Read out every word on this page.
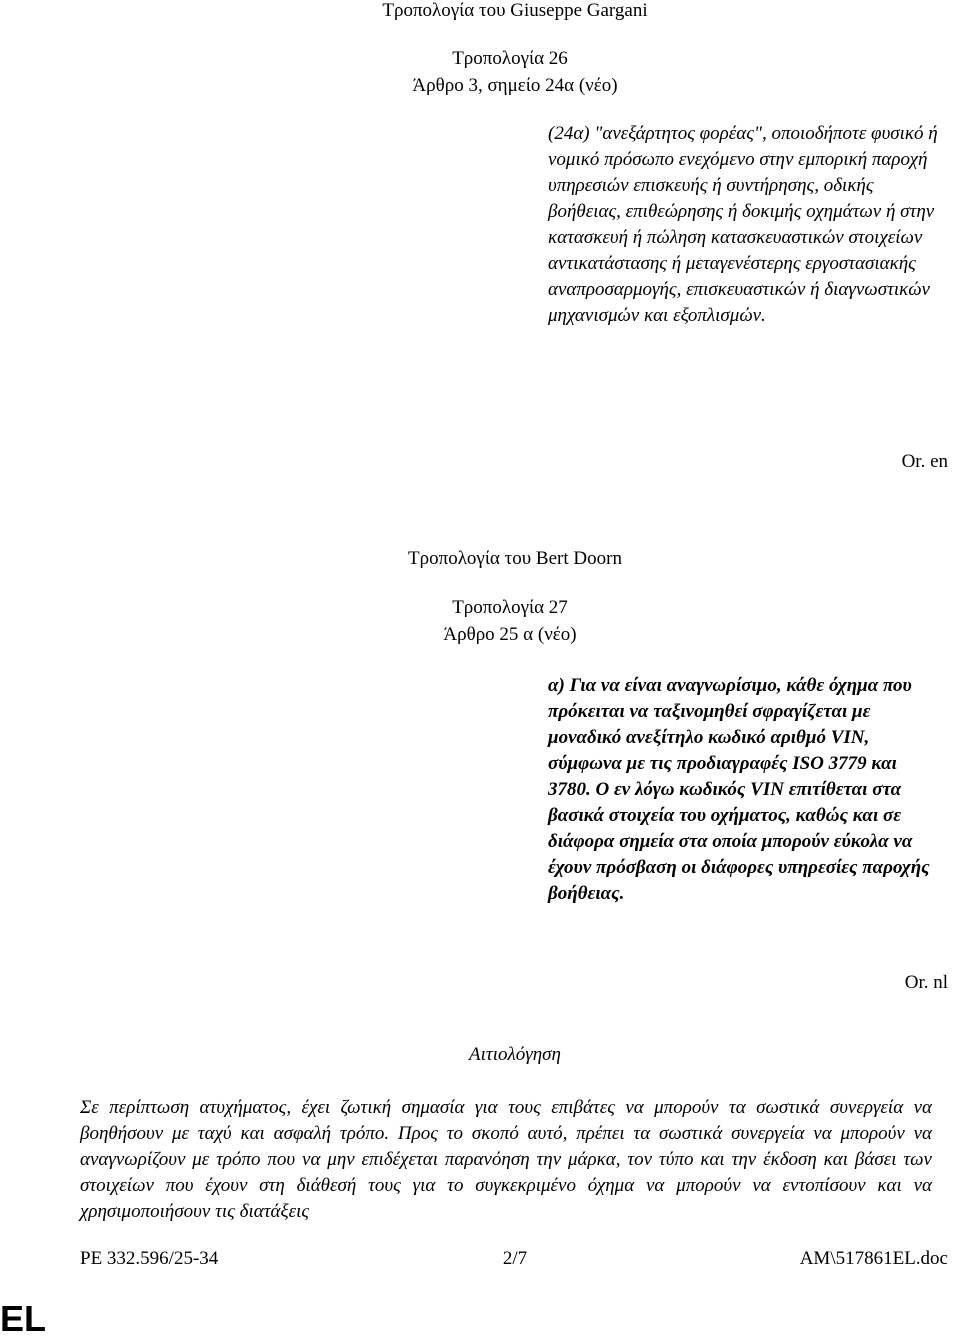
Τροπολογία του Giuseppe Gargani

Τροπολογία 26

Άρθρο 3, σημείο 24α (νέο)

(24α) "ανεξάρτητος φορέας", οποιοδήποτε φυσικό ή νομικό πρόσωπο ενεχόμενο στην εμπορική παροχή υπηρεσιών επισκευής ή συντήρησης, οδικής βοήθειας, επιθεώρησης ή δοκιμής οχημάτων ή στην κατασκευή ή πώληση κατασκευαστικών στοιχείων αντικατάστασης ή μεταγενέστερης εργοστασιακής αναπροσαρμογής, επισκευαστικών ή διαγνωστικών μηχανισμών και εξοπλισμών.

Or. en

Τροπολογία του Bert Doorn

Τροπολογία 27

Άρθρο 25 α (νέο)

α) Για να είναι αναγνωρίσιμο, κάθε όχημα που πρόκειται να ταξινομηθεί σφραγίζεται με μοναδικό ανεξίτηλο κωδικό αριθμό VIN, σύμφωνα με τις προδιαγραφές ISO 3779 και 3780. Ο εν λόγω κωδικός VIN επιτίθεται στα βασικά στοιχεία του οχήματος, καθώς και σε διάφορα σημεία στα οποία μπορούν εύκολα να έχουν πρόσβαση οι διάφορες υπηρεσίες παροχής βοήθειας.

Or. nl

Αιτιολόγηση

Σε περίπτωση ατυχήματος, έχει ζωτική σημασία για τους επιβάτες να μπορούν τα σωστικά συνεργεία να βοηθήσουν με ταχύ και ασφαλή τρόπο. Προς το σκοπό αυτό, πρέπει τα σωστικά συνεργεία να μπορούν να αναγνωρίζουν με τρόπο που να μην επιδέχεται παρανόηση την μάρκα, τον τύπο και την έκδοση και βάσει των στοιχείων που έχουν στη διάθεσή τους για το συγκεκριμένο όχημα να μπορούν να εντοπίσουν και να χρησιμοποιήσουν τις διατάξεις

PE 332.596/25-34	2/7	AM\517861EL.doc

EL
